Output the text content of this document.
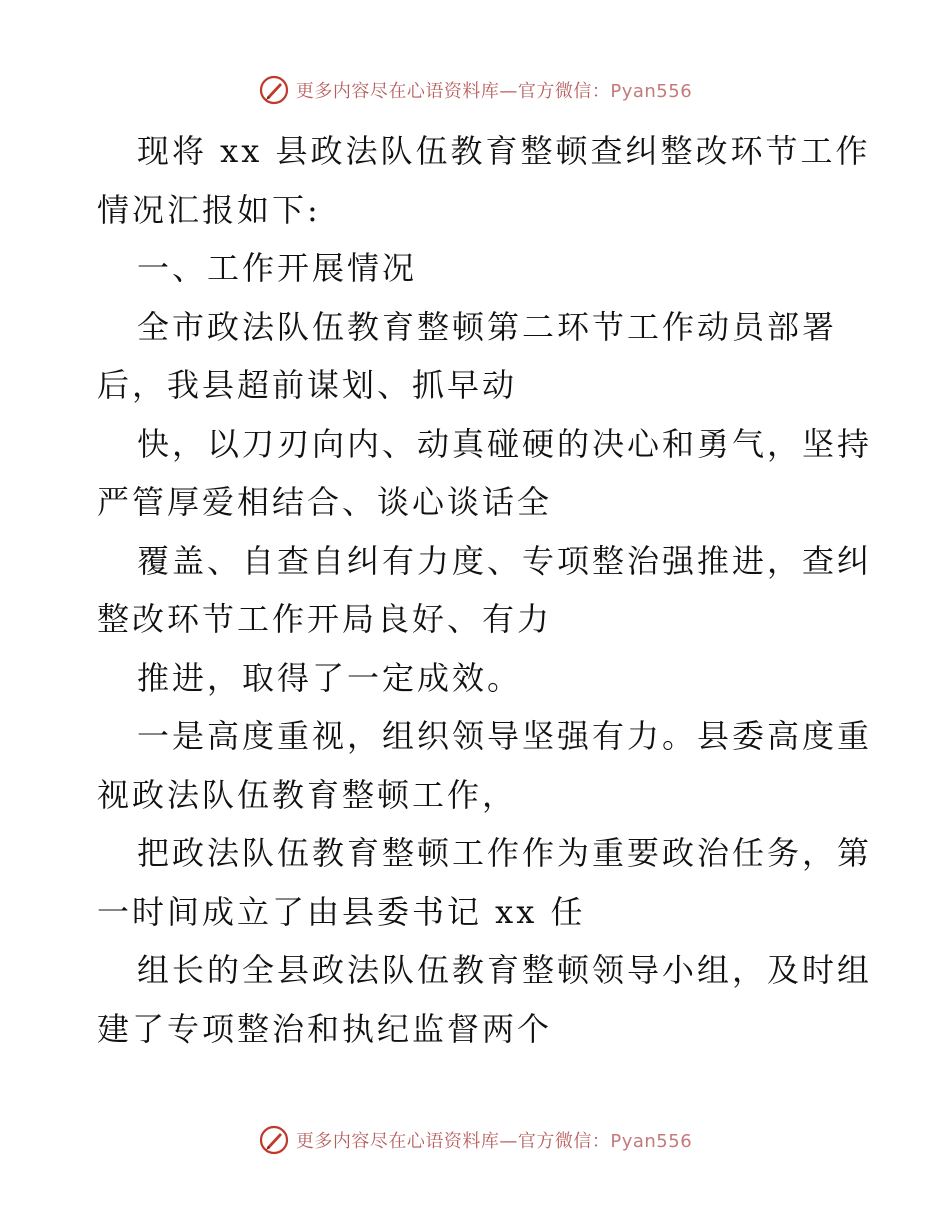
更多内容尽在心语资料库—官方微信：Pyan556

现将 xx 县政法队伍教育整顿查纠整改环节工作

情况汇报如下:

一、工作开展情况

全市政法队伍教育整顿第二环节工作动员部署

后，我县超前谋划、抓早动

快，以刀刃向内、动真碰硬的决心和勇气，坚持

严管厚爱相结合、谈心谈话全

覆盖、自查自纠有力度、专项整治强推进，查纠

整改环节工作开局良好、有力

推进，取得了一定成效。

一是高度重视，组织领导坚强有力。县委高度重

视政法队伍教育整顿工作，

把政法队伍教育整顿工作作为重要政治任务，第

一时间成立了由县委书记 xx 任

组长的全县政法队伍教育整顿领导小组，及时组

建了专项整治和执纪监督两个

更多内容尽在心语资料库—官方微信：Pyan556
